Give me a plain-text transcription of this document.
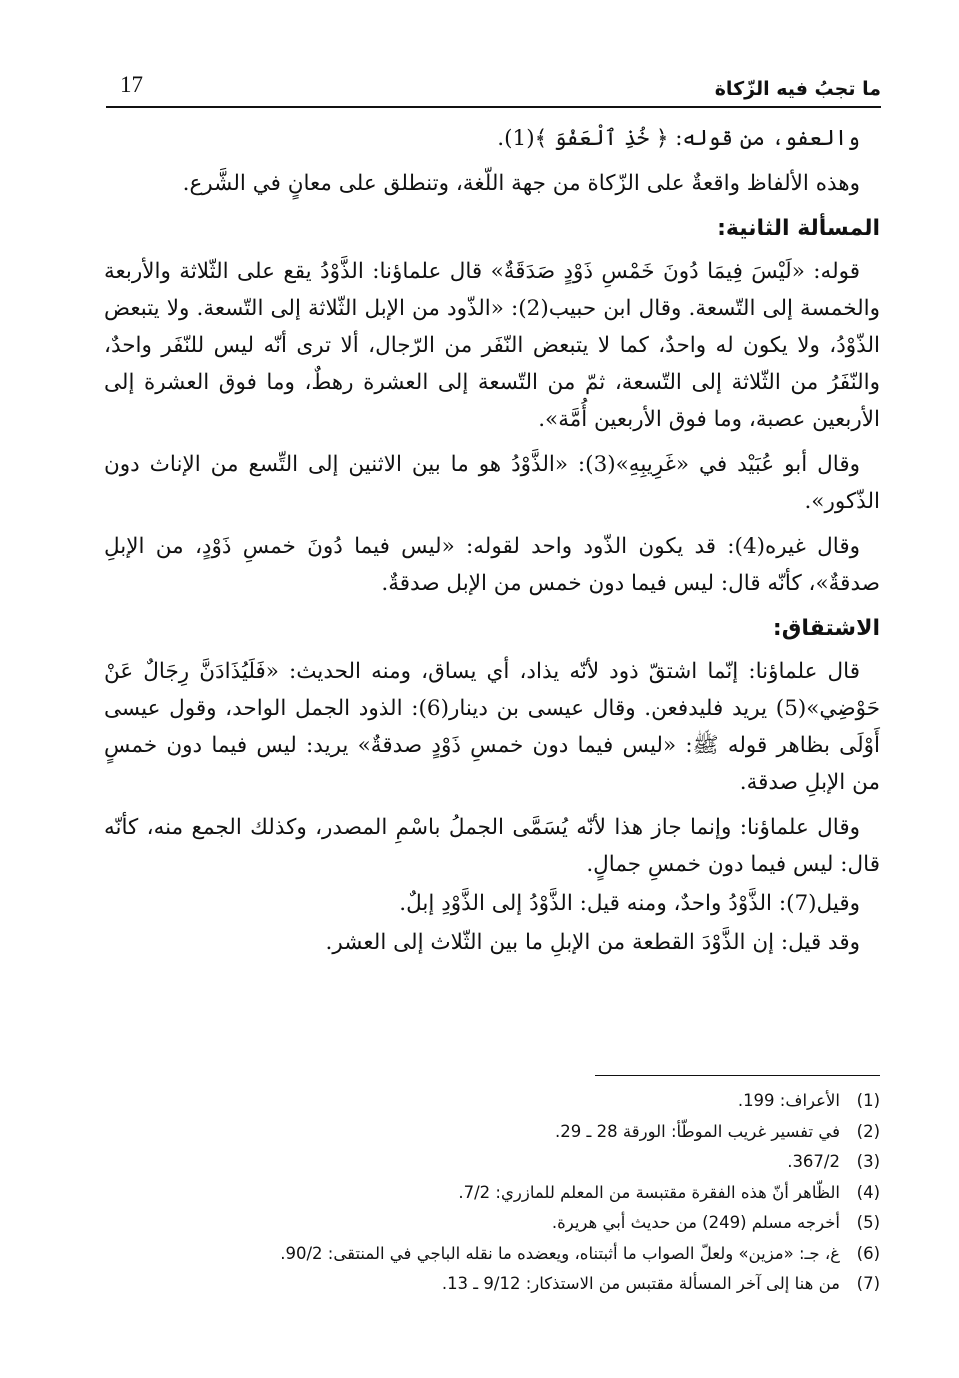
ما تجبُ فيه الزّكاة
17

والعفو، من قوله: ﴿ خُذِ ٱلْعَفْوَ ﴾(1).

وهذه الألفاظ واقعةٌ على الزّكاة من جهة اللّغة، وتنطلق على معانٍ في الشَّرع.

المسألة الثانية:

قوله: «لَيْسَ فِيمَا دُونَ خَمْسِ ذَوْدٍ صَدَقَةٌ» قال علماؤنا: الذَّوْدُ يقع على الثّلاثة والأربعة والخمسة إلى التّسعة. وقال ابن حبيب(2): «الذّود من الإبل الثّلاثة إلى التّسعة. ولا يتبعض الذّوْدُ، ولا يكون له واحدٌ، كما لا يتبعض النّفَر من الرّجال، ألا ترى أنّه ليس للنّفَر واحدٌ، والنّفَرُ من الثّلاثة إلى التّسعة، ثمّ من التّسعة إلى العشرة رهطٌ، وما فوق العشرة إلى الأربعين عصبة، وما فوق الأربعين أُمَّة».

وقال أبو عُبَيْد في «غَرِيبِهِ»(3): «الذَّوْدُ هو ما بين الاثنين إلى التِّسع من الإناث دون الذّكور».

وقال غيره(4): قد يكون الذّود واحد لقوله: «ليس فيما دُونَ خمسِ ذَوْدٍ، من الإبلِ صدقةٌ»، كأنّه قال: ليس فيما دون خمس من الإبل صدقةٌ.

الاشتقاق:

قال علماؤنا: إنّما اشتقّ ذود لأنّه يذاد، أي يساق، ومنه الحديث: «فَلَيُذَادَنَّ رِجَالٌ عَنْ حَوْضِي»(5) يريد فليدفعن. وقال عيسى بن دينار(6): الذود الجمل الواحد، وقول عيسى أَوْلَى بظاهر قوله ﷺ: «ليس فيما دون خمسِ ذَوْدٍ صدقةٌ» يريد: ليس فيما دون خمسٍ من الإبلِ صدقة.

وقال علماؤنا: وإنما جاز هذا لأنّه يُسَمَّى الجملُ باسْمِ المصدر، وكذلك الجمع منه، كأنّه قال: ليس فيما دون خمسِ جمالٍ.

وقيل(7): الذَّوْدُ واحدٌ، ومنه قيل: الذَّوْدُ إلى الذَّوْدِ إبلٌ.

وقد قيل: إن الذَّوْدَ القطعة من الإبلِ ما بين الثّلاث إلى العشر.

(1)الأعراف: 199.
(2)في تفسير غريب الموطّأ: الورقة 28 ـ 29.
(3)367/2.
(4)الظّاهر أنّ هذه الفقرة مقتبسة من المعلم للمازري: 7/2.
(5)أخرجه مسلم (249) من حديث أبي هريرة.
(6)غ، جـ: «مزين» ولعلّ الصواب ما أثبتناه، ويعضده ما نقله الباجي في المنتقى: 90/2.
(7)من هنا إلى آخر المسألة مقتبس من الاستذكار: 9/12 ـ 13.
